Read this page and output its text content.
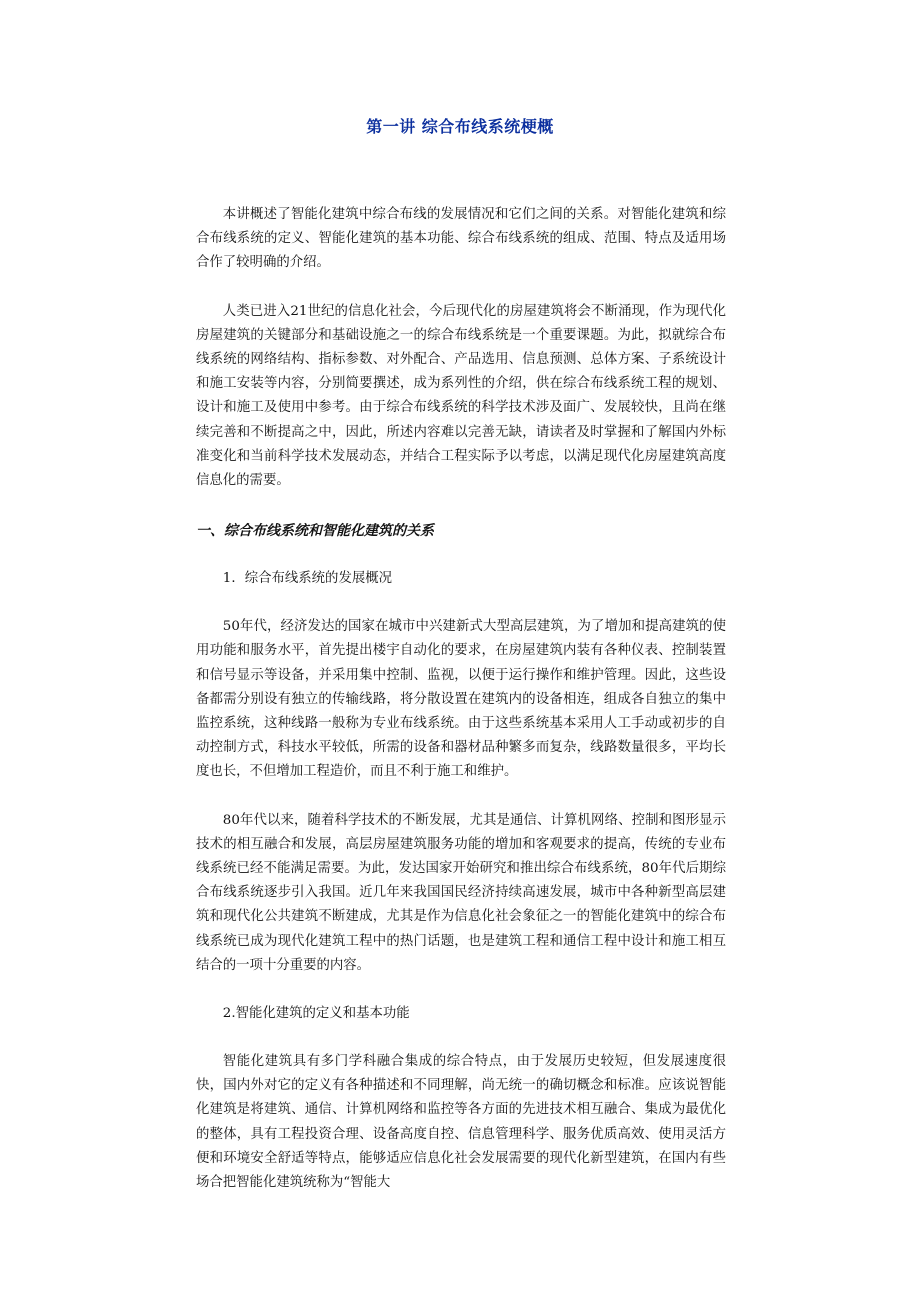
第一讲 综合布线系统梗概

本讲概述了智能化建筑中综合布线的发展情况和它们之间的关系。对智能化建筑和综合布线系统的定义、智能化建筑的基本功能、综合布线系统的组成、范围、特点及适用场合作了较明确的介绍。

人类已进入21世纪的信息化社会，今后现代化的房屋建筑将会不断涌现，作为现代化房屋建筑的关键部分和基础设施之一的综合布线系统是一个重要课题。为此，拟就综合布线系统的网络结构、指标参数、对外配合、产品选用、信息预测、总体方案、子系统设计和施工安装等内容，分别简要撰述，成为系列性的介绍，供在综合布线系统工程的规划、设计和施工及使用中参考。由于综合布线系统的科学技术涉及面广、发展较快，且尚在继续完善和不断提高之中，因此，所述内容难以完善无缺，请读者及时掌握和了解国内外标准变化和当前科学技术发展动态，并结合工程实际予以考虑，以满足现代化房屋建筑高度信息化的需要。

一、综合布线系统和智能化建筑的关系

1．综合布线系统的发展概况

50年代，经济发达的国家在城市中兴建新式大型高层建筑，为了增加和提高建筑的使用功能和服务水平，首先提出楼宇自动化的要求，在房屋建筑内装有各种仪表、控制装置和信号显示等设备，并采用集中控制、监视，以便于运行操作和维护管理。因此，这些设备都需分别设有独立的传输线路，将分散设置在建筑内的设备相连，组成各自独立的集中监控系统，这种线路一般称为专业布线系统。由于这些系统基本采用人工手动或初步的自动控制方式，科技水平较低，所需的设备和器材品种繁多而复杂，线路数量很多，平均长度也长，不但增加工程造价，而且不利于施工和维护。

80年代以来，随着科学技术的不断发展，尤其是通信、计算机网络、控制和图形显示技术的相互融合和发展，高层房屋建筑服务功能的增加和客观要求的提高，传统的专业布线系统已经不能满足需要。为此，发达国家开始研究和推出综合布线系统，80年代后期综合布线系统逐步引入我国。近几年来我国国民经济持续高速发展，城市中各种新型高层建筑和现代化公共建筑不断建成，尤其是作为信息化社会象征之一的智能化建筑中的综合布线系统已成为现代化建筑工程中的热门话题，也是建筑工程和通信工程中设计和施工相互结合的一项十分重要的内容。

2.智能化建筑的定义和基本功能

智能化建筑具有多门学科融合集成的综合特点，由于发展历史较短，但发展速度很快，国内外对它的定义有各种描述和不同理解，尚无统一的确切概念和标准。应该说智能化建筑是将建筑、通信、计算机网络和监控等各方面的先进技术相互融合、集成为最优化的整体，具有工程投资合理、设备高度自控、信息管理科学、服务优质高效、使用灵活方便和环境安全舒适等特点，能够适应信息化社会发展需要的现代化新型建筑，在国内有些场合把智能化建筑统称为“智能大
